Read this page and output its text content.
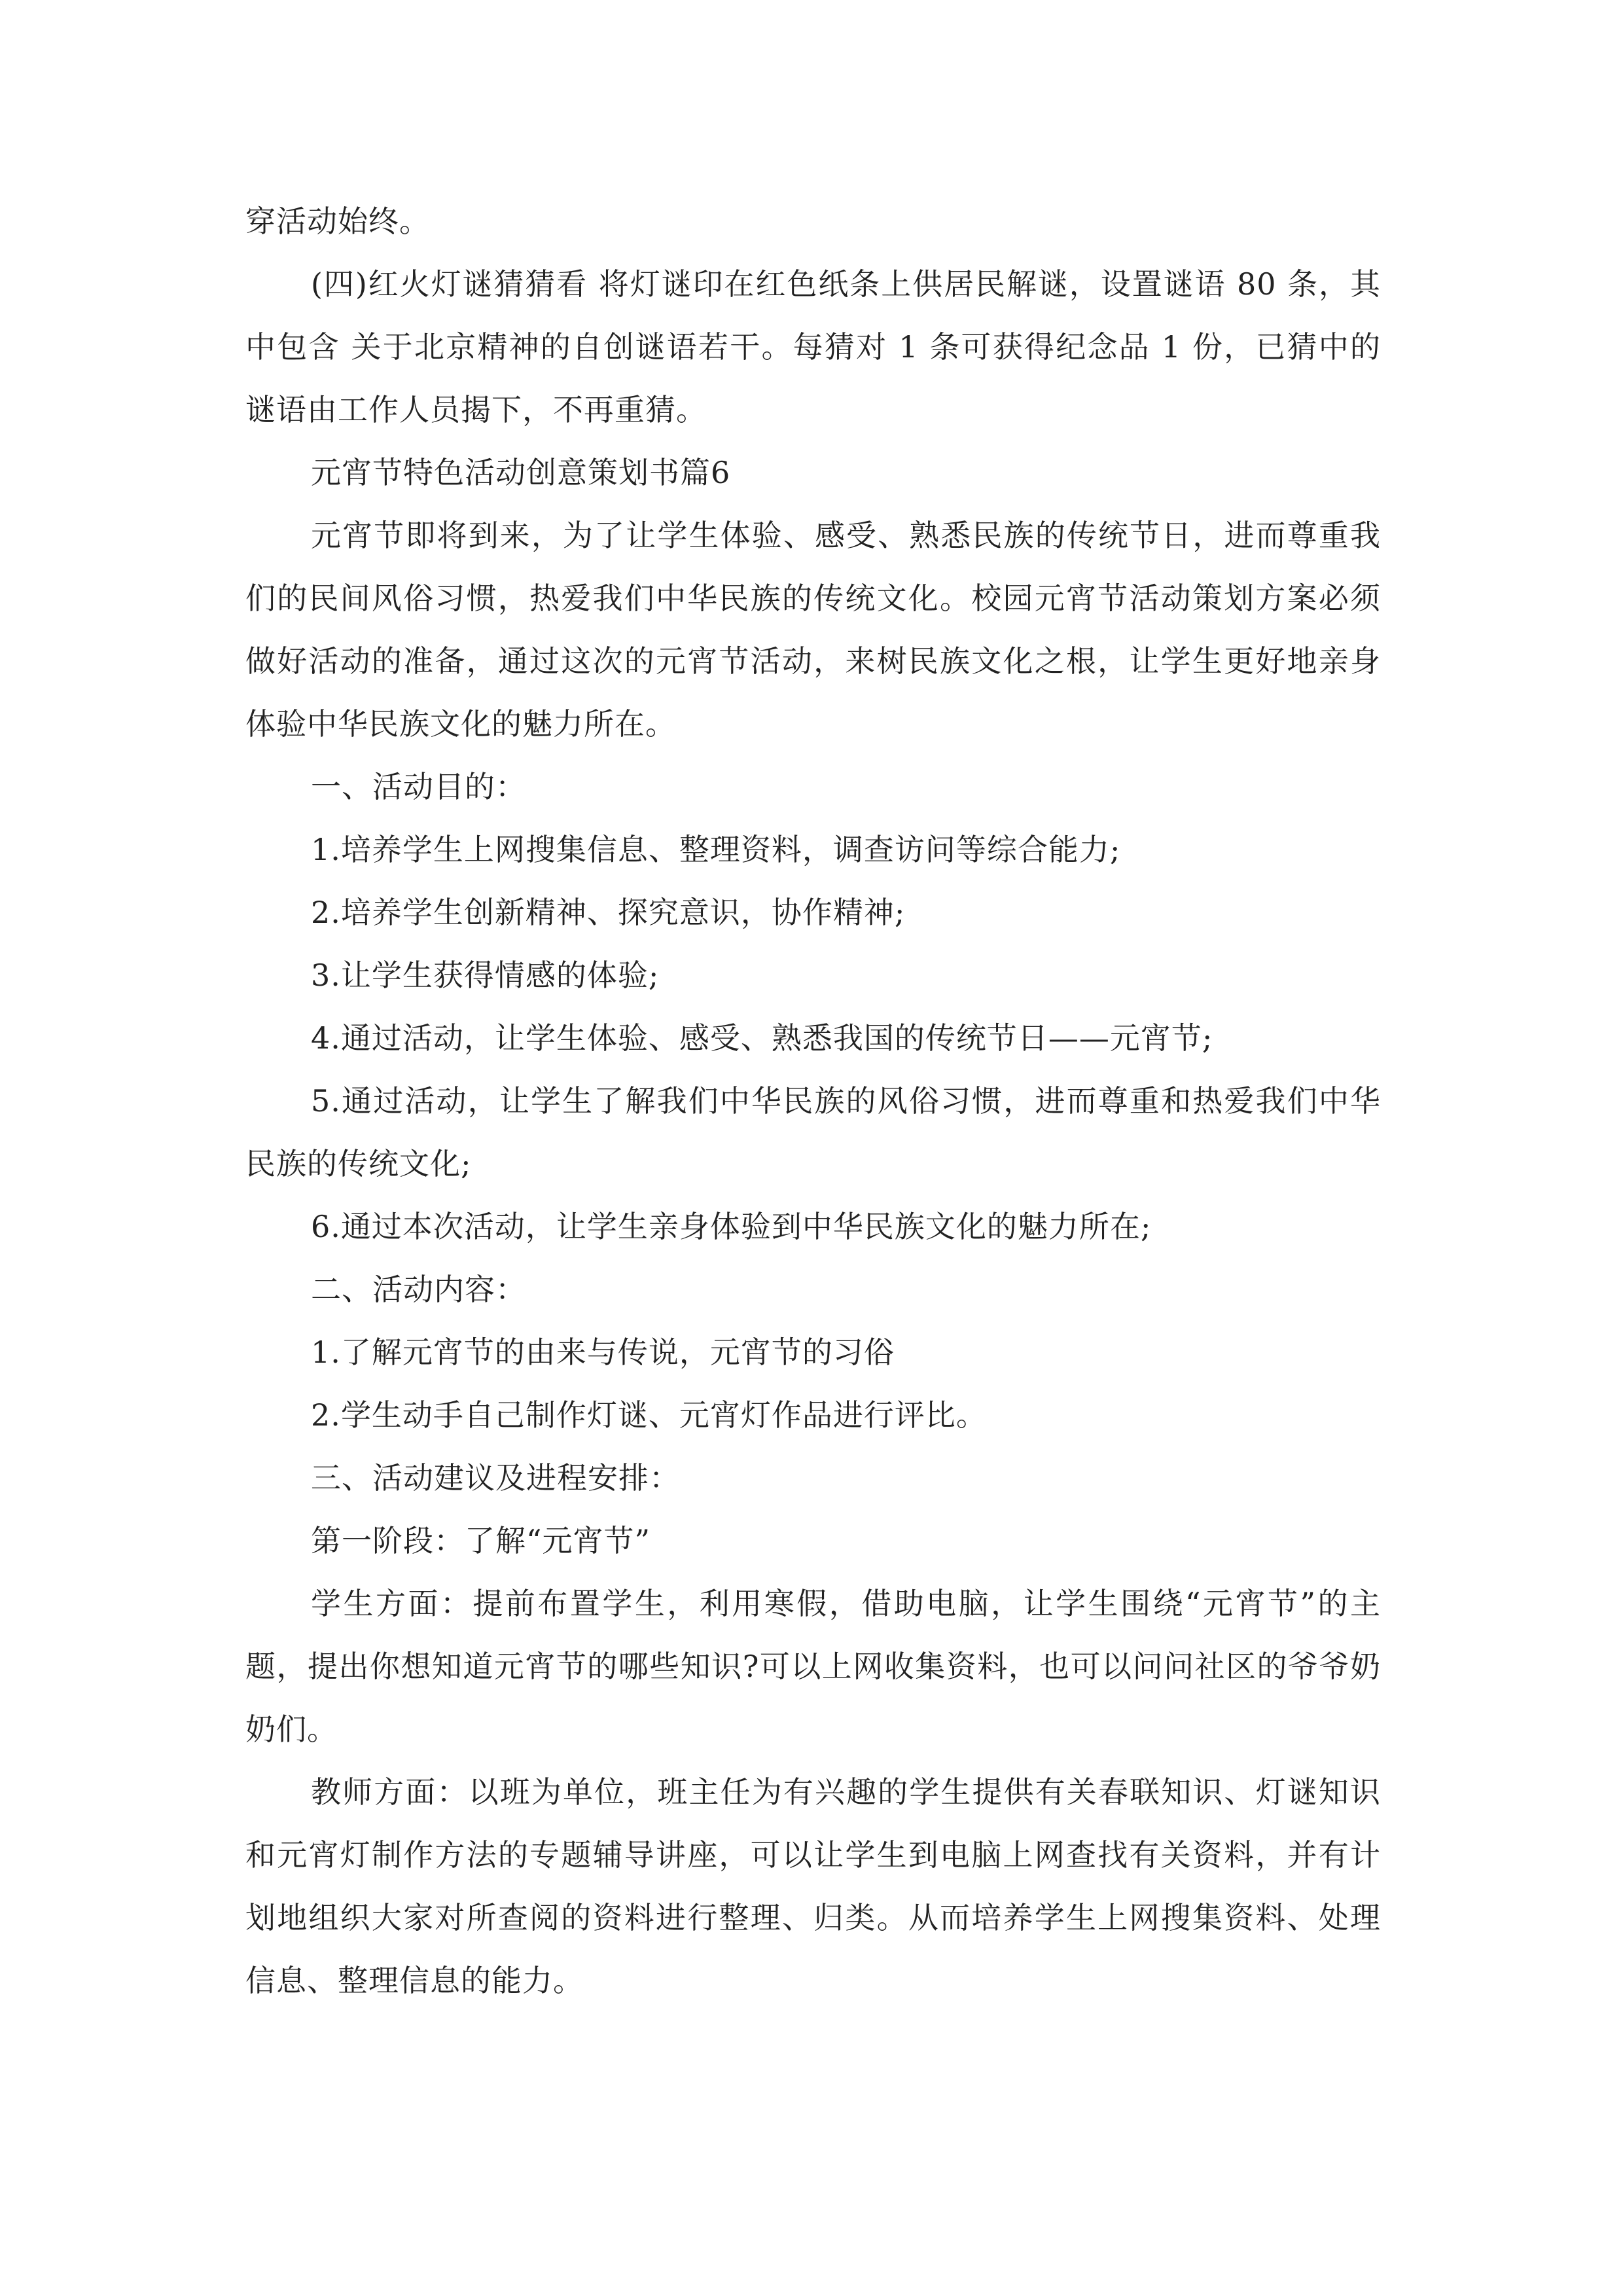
穿活动始终。

(四)红火灯谜猜猜看 将灯谜印在红色纸条上供居民解谜，设置谜语 80 条，其中包含 关于北京精神的自创谜语若干。每猜对 1 条可获得纪念品 1 份，已猜中的谜语由工作人员揭下，不再重猜。

元宵节特色活动创意策划书篇6

元宵节即将到来，为了让学生体验、感受、熟悉民族的传统节日，进而尊重我们的民间风俗习惯，热爱我们中华民族的传统文化。校园元宵节活动策划方案必须做好活动的准备，通过这次的元宵节活动，来树民族文化之根，让学生更好地亲身体验中华民族文化的魅力所在。

一、活动目的：

1.培养学生上网搜集信息、整理资料，调查访问等综合能力;

2.培养学生创新精神、探究意识，协作精神;

3.让学生获得情感的体验;

4.通过活动，让学生体验、感受、熟悉我国的传统节日——元宵节;

5.通过活动，让学生了解我们中华民族的风俗习惯，进而尊重和热爱我们中华民族的传统文化;

6.通过本次活动，让学生亲身体验到中华民族文化的魅力所在;

二、活动内容：

1.了解元宵节的由来与传说，元宵节的习俗

2.学生动手自己制作灯谜、元宵灯作品进行评比。

三、活动建议及进程安排：

第一阶段：了解“元宵节”

学生方面：提前布置学生，利用寒假，借助电脑，让学生围绕“元宵节”的主题，提出你想知道元宵节的哪些知识?可以上网收集资料，也可以问问社区的爷爷奶奶们。

教师方面：以班为单位，班主任为有兴趣的学生提供有关春联知识、灯谜知识和元宵灯制作方法的专题辅导讲座，可以让学生到电脑上网查找有关资料，并有计划地组织大家对所查阅的资料进行整理、归类。从而培养学生上网搜集资料、处理信息、整理信息的能力。
